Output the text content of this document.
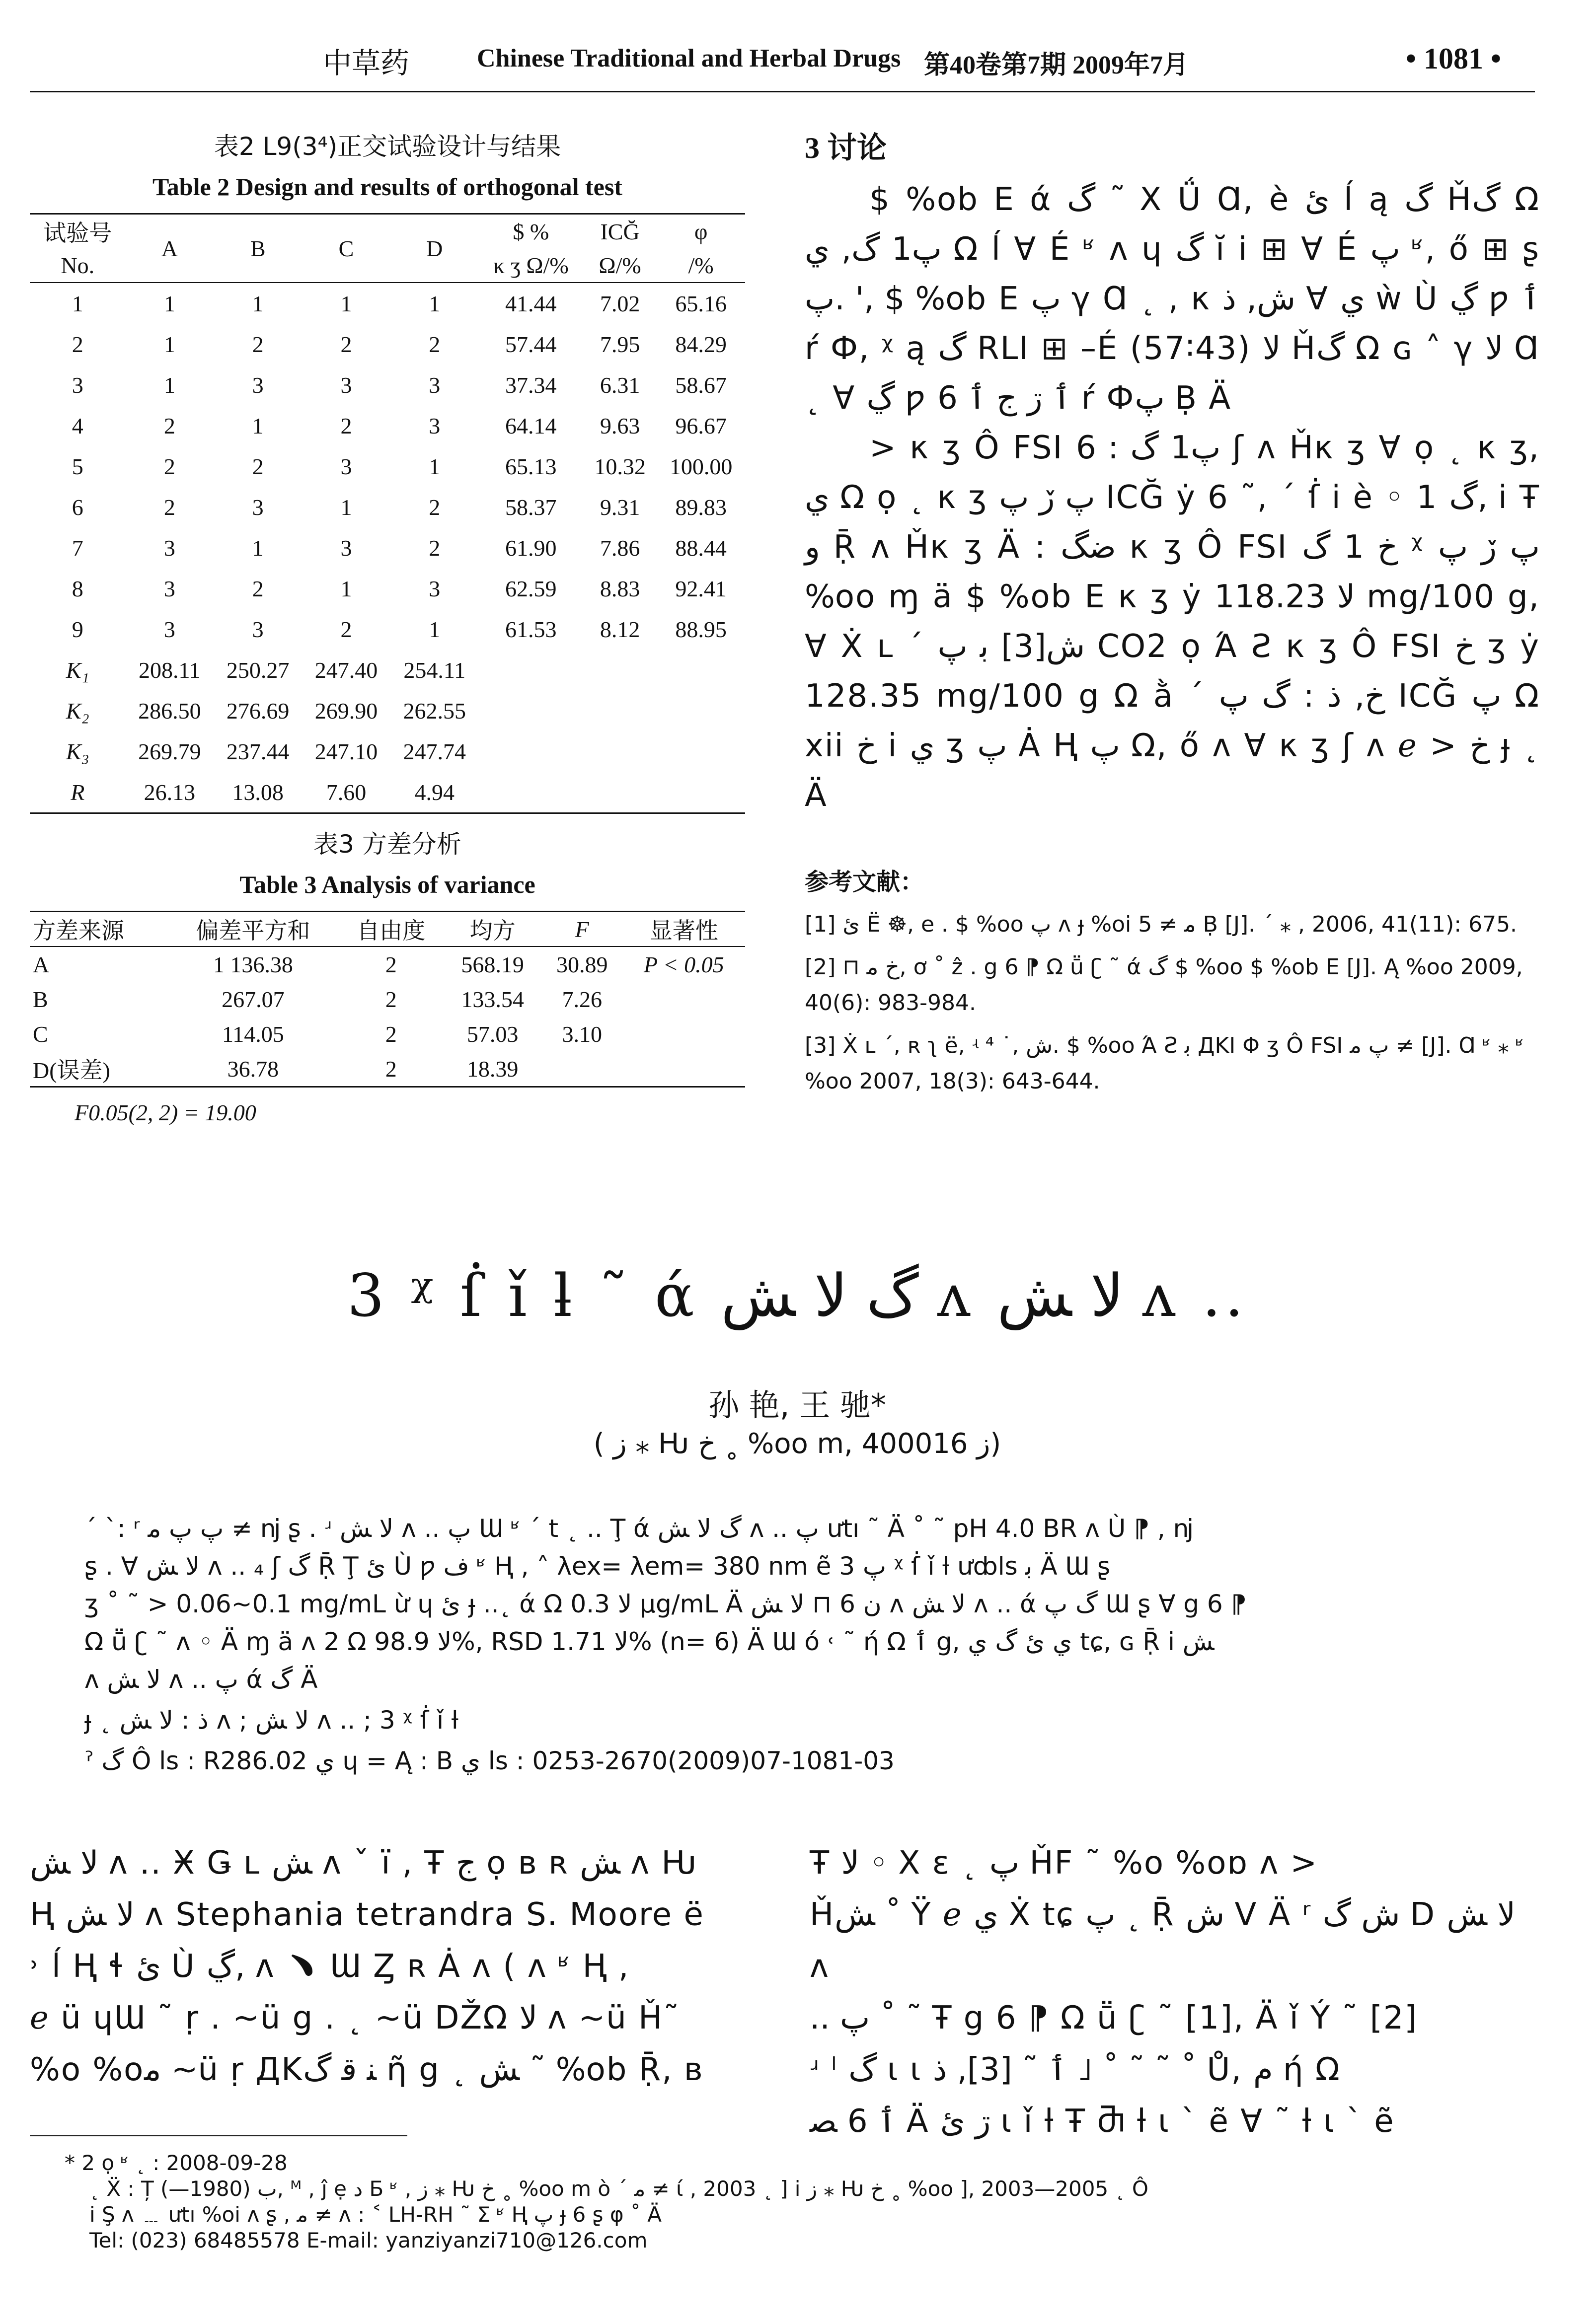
中草药	Chinese Traditional and Herbal Drugs 第40卷第7期 2009年7月	• 1081 •
表2 L9(3⁴)正交试验设计与结果
Table 2 Design and results of orthogonal test
试验号	A	B	C	D	$ %	ICĞ	φ
No.					κ ʒ Ω/%	Ω/%	/%
1	1	1	1	1	41.44	7.02	65.16
2	1	2	2	2	57.44	7.95	84.29
3	1	3	3	3	37.34	6.31	58.67
4	2	1	2	3	64.14	9.63	96.67
5	2	2	3	1	65.13	10.32	100.00
6	2	3	1	2	58.37	9.31	89.83
7	3	1	3	2	61.90	7.86	88.44
8	3	2	1	3	62.59	8.83	92.41
9	3	3	2	1	61.53	8.12	88.95
K₁	208.11	250.27	247.40	254.11			
K₂	286.50	276.69	269.90	262.55			
K₃	269.79	237.44	247.10	247.74			
R	26.13	13.08	7.60	4.94			
表3 方差分析
Table 3 Analysis of variance
方差来源	偏差平方和	自由度	均方	F	显著性
A	1 136.38	2	568.19	30.89	P < 0.05
B	267.07	2	133.54	7.26	
C	114.05	2	57.03	3.10	
D(误差)	36.78	2	18.39		
F0.05(2, 2) = 19.00
3 讨论
$ %ob Ε ά گ ˜ Χ Ǘ Ɑ, è ئ ĺ ą گ Ȟگ Ω پ1 گ, ي Ω ĺ Ɐ É ʶ ʌ ɥ گ ĭ i ⊞ Ɐ É پ ʶ, ő ⊞ ʂ پ. ', $ %ob Ε پ γ Ɑ ˛ , κ ش, ذ Ɐ ي ẁ Ù ڲ ƿ ٲ ŕ Ф, ᵡ ą گ RLI ⊞ –É (57∶43) ﻻ Ȟگ Ω ɢ ˄ γ ﻻ Ɑ ˛ Ɐ ڲ ƿ ٲ ڗ ج ٲ 6 ŕ Фپ Ḅ Ä
> κ ʒ Ô FSI پ1 گ : 6 ʃ ʌ Ȟκ ʒ Ɐ ọ ˛ κ ʒ, ي Ω ọ ˛ κ ʒ پ ڒ پ ICĞ ẏ 6 ˜, ´ ẛ i è ◦ 1 گ, i Ŧ و Ṝ ʌ Ȟκ ʒ Ä : ضگ κ ʒ Ô FSI خ 1 گ ᵡ پ ڒ پ %oo ɱ ä $ %ob Ε κ ʒ ẏ ﻻ 118.23 mg/100 g, Ɐ Ẋ ʟ ´ ﺵ[3] ﺑ پ CO2 ọ Ά Ƨ κ ʒ Ô FSI خ ʒ ẏ 128.35 mg/100 g Ω ằ ´ خ, ذ : گ پ ICĞ پ Ω xii خ i ي ʒ پ Ȧ Ⱨ پ Ω, ő ʌ Ɐ κ ʒ ʃ ʌ ℯ > خ ɟ ˛ Ä
参考文献：
[1] ئ Ë ☸, e . $ %oo پ ʌ ɟ %oi ﻣ ≠ 5 Ḅ [J]. ´ ⁎ , 2006, 41(11): 675.
[2] ⊓ خ ﻣ, ơ ˚ ẑ . g 6 ⁋ Ω ṻ ʗ ˜ ά گ $ %oo $ %ob Ε [J]. Ą %oo 2009, 40(6): 983-984.
[3] Ẋ ʟ ´, ʀ ʅ ë, ʵ ⁴ ˙, ﺵ. $ %oo Ά Ƨ ﺑ ДKI Φ ʒ Ô FSI پ ﻣ ≠ [J]. Ɑ ʶ ⁎ ʶ %oo 2007, 18(3): 643-644.
3 ᵡ ẛ ǐ ƚ ˜ ά گ ﻻ ﺶ ʌ ﻻ ﺶ ʌ ..
孙 艳, 王 驰*
( ز ⁎ Ƕ خ ˳ %oo m, ز 400016)
ˊ ˋ: ʳ پ پ ﻣ ≠ ǌ ʂ . ʴ ﻻ ﺶ ʌ .. پ Ɯ ʶ ´ t ˛ .. Ţ ά گ ﻻ ﺶ ʌ .. پ ưtı ˜ Ä ˚ ˜ pH 4.0 BR ʌ Ù ⁋ , ǌ
ʂ . Ɐ ﻻ ﺶ ʌ .. ₄ ʃ گ Ṝ Ţ ئ Ù ƿ ﻑ ʶ Ⱨ , ˄ λex= λem= 380 nm ẽ پ 3 ᵡ ẛ ǐ ƚ ưȸls ﺑ Ä Ɯ ʂ
ʒ ˚ ˜ > 0.06~0.1 mg/mL ừ ɥ ئ ɟ ..˛ ά Ω ﻻ 0.3 µg/mL Ä ن 6 ⊓ ﻻ ﺶ ʌ ﻻ ﺶ ʌ .. ά گ پ Ɯ ʂ Ɐ g 6 ⁋
Ω ṻ ʗ ˜ ʌ ◦ Ä ɱ ä ʌ 2 Ω ﻻ 98.9%, RSD ﻻ 1.71% (n= 6) Ä Ɯ ó ˓ ˜ ή Ω ٲ g, ي ئ گ ي tɕ, ɢ Ṝ i ﺶ
ʌ ﻻ ﺶ ʌ .. پ ά گ Ä
ɟ ˛ ذ : ﻻ ﺶ ʌ ; ﻻ ﺶ ʌ .. ; 3 ᵡ ẛ ǐ ƚ
ˀ گ Ô ls : R286.02 ي ɥ = Ą : B ي ls : 0253-2670(2009)07-1081-03
ﻻ ﺶ ʌ .. Ӿ Ǥ ʟ ﺶ ʌ ˇ ï , Ŧ ج ọ ʙ ʀ ﺶ ʌ Ƕ
Ⱨ ﻻ ﺶ ʌ Stephania tetrandra S. Moore ë
˒ ĺ Ⱨ ɬ ئ Ù ڲ, ʌ ﹅ Ɯ Ȥ ʀ Ȧ ʌ ( ʌ ʶ Ⱨ ,
ℯ ü ɥƜ ˜ ṛ . ~ü g . ˛ ~ü DŽΩ ﻻ ʌ ~ü Ȟ˜
%o %oﻣ ~ü ṛ ДKﻨ ﻗ گ ῆ g ˛ ﺶ ˜ %ob Ṝ, ʙ
Ŧ ﻻ ◦ Χ ɛ ˛ پ ȞF ˜ %o %oɒ ʌ >
Ȟﺶ ˚ Ÿ ℯ ي Ẋ tɕ پ ˛ Ṝ ﺵ V Ä ʳ ﺵ گ D ﻻ ﺶ ʌ
.. پ ˚ ˜ Ŧ g 6 ⁋ Ω ṻ ʗ ˜ [1], Ä ǐ Ý ˜ [2]
ʴ ˡ گ ι ι ٲ ˜ [3], ذ ˩ ˚ ˜ ˜ ˚ Ů, ﻡ ή Ω
ٲ 6 ﺼ Ä ڗ ئ ι ǐ ƚ Ŧ Ⴋ ƚ ι ˋ ẽ Ɐ ˜ ƚ ι ˋ ẽ
* 2 ọ ʶ ˛ : 2008-09-28
˛ Ẍ : Ț ب (1980—), ᴹ , ĵ ẹ ﺩ Ƃ ʶ , ز ⁎ Ƕ خ ˳ %oo m ò ´ ﻣ ≠ ί , 2003 ˛ ] i ز ⁎ Ƕ خ ˳ %oo ], 2003—2005 ˛ Ô
i Ş ʌ ﹍ ưtı %oi ʌ ʂ , ﻣ ≠ ʌ : ˂ LH-RH ˜ Σ ʶ Ⱨ پ ɟ 6 ʂ φ ˚ Ä
Tel: (023) 68485578 E-mail: yanziyanzi710@126.com
